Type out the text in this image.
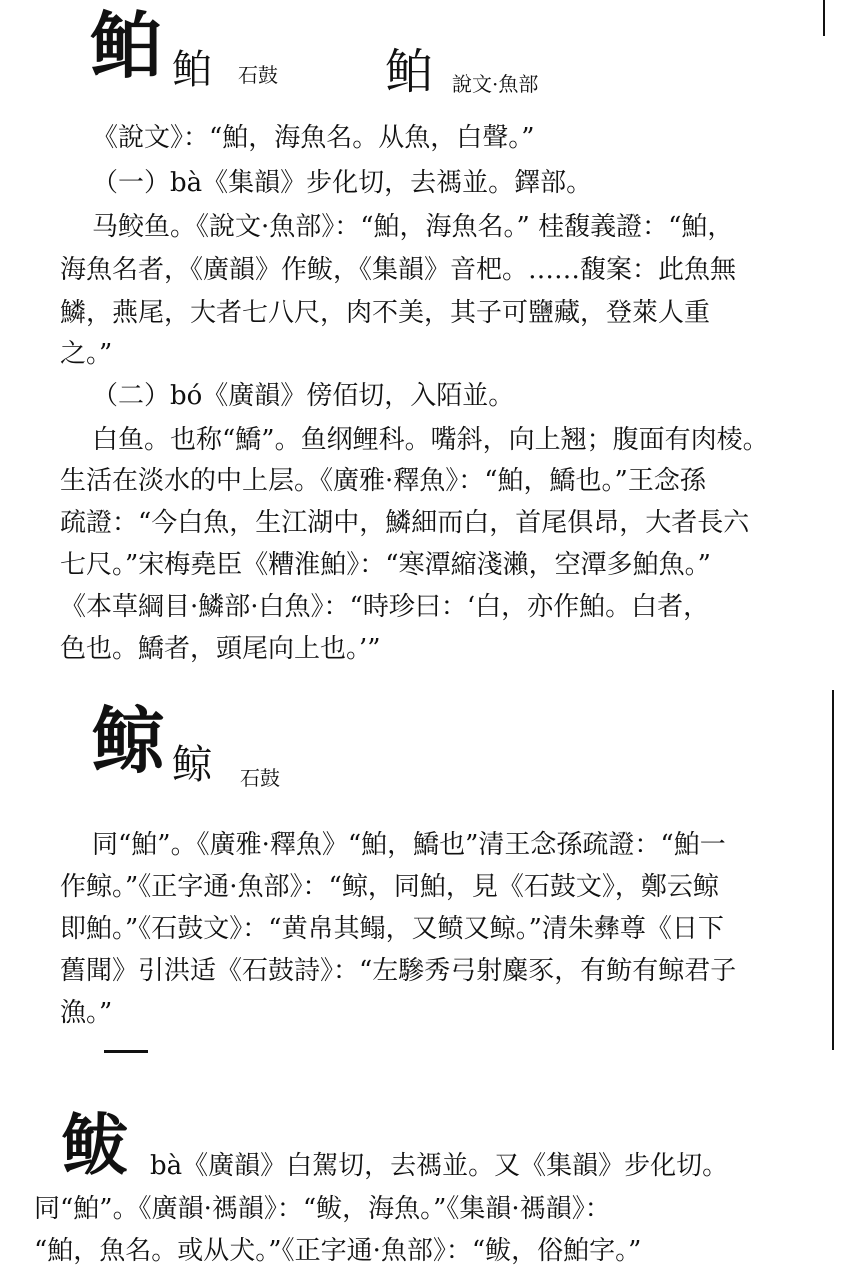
鲌 鲌 石鼓 鲌 說文·魚部
《說文》：“鮊，海魚名。从魚，白聲。”
（一）bà《集韻》步化切，去禡並。鐸部。
马鲛鱼。《說文·魚部》：“鮊，海魚名。” 桂馥義證：“鮊，
海魚名者，《廣韻》作鲅，《集韻》音杷。……馥案：此魚無
鱗，燕尾，大者七八尺，肉不美，其子可鹽藏，登萊人重
之。”
（二）bó《廣韻》傍佰切，入陌並。
白鱼。也称“鱎”。鱼纲鲤科。嘴斜，向上翘；腹面有肉棱。
生活在淡水的中上层。《廣雅·釋魚》：“鮊，鱎也。”王念孫
疏證：“今白魚，生江湖中，鱗細而白，首尾俱昂，大者長六
七尺。”宋梅堯臣《糟淮鮊》：“寒潭縮淺瀨，空潭多鮊魚。”
《本草綱目·鱗部·白魚》：“時珍曰：‘白，亦作鮊。白者，
色也。鱎者，頭尾向上也。’”
鲸 鲸 石鼓
同“鮊”。《廣雅·釋魚》“鮊，鱎也”清王念孫疏證：“鮊一
作鲸。”《正字通·魚部》：“鲸，同鮊，見《石鼓文》，鄭云鲸
即鮊。”《石鼓文》：“黄帛其鳎，又鲼又鲸。”清朱彝尊《日下
舊聞》引洪适《石鼓詩》：“左驂秀弓射麋豕，有鲂有鲸君子
漁。”
鲅 bà《廣韻》白駕切，去禡並。又《集韻》步化切。
同“鮊”。《廣韻·禡韻》：“鲅，海魚。”《集韻·禡韻》：
“鮊，魚名。或从犬。”《正字通·魚部》：“鲅，俗鮊字。”
